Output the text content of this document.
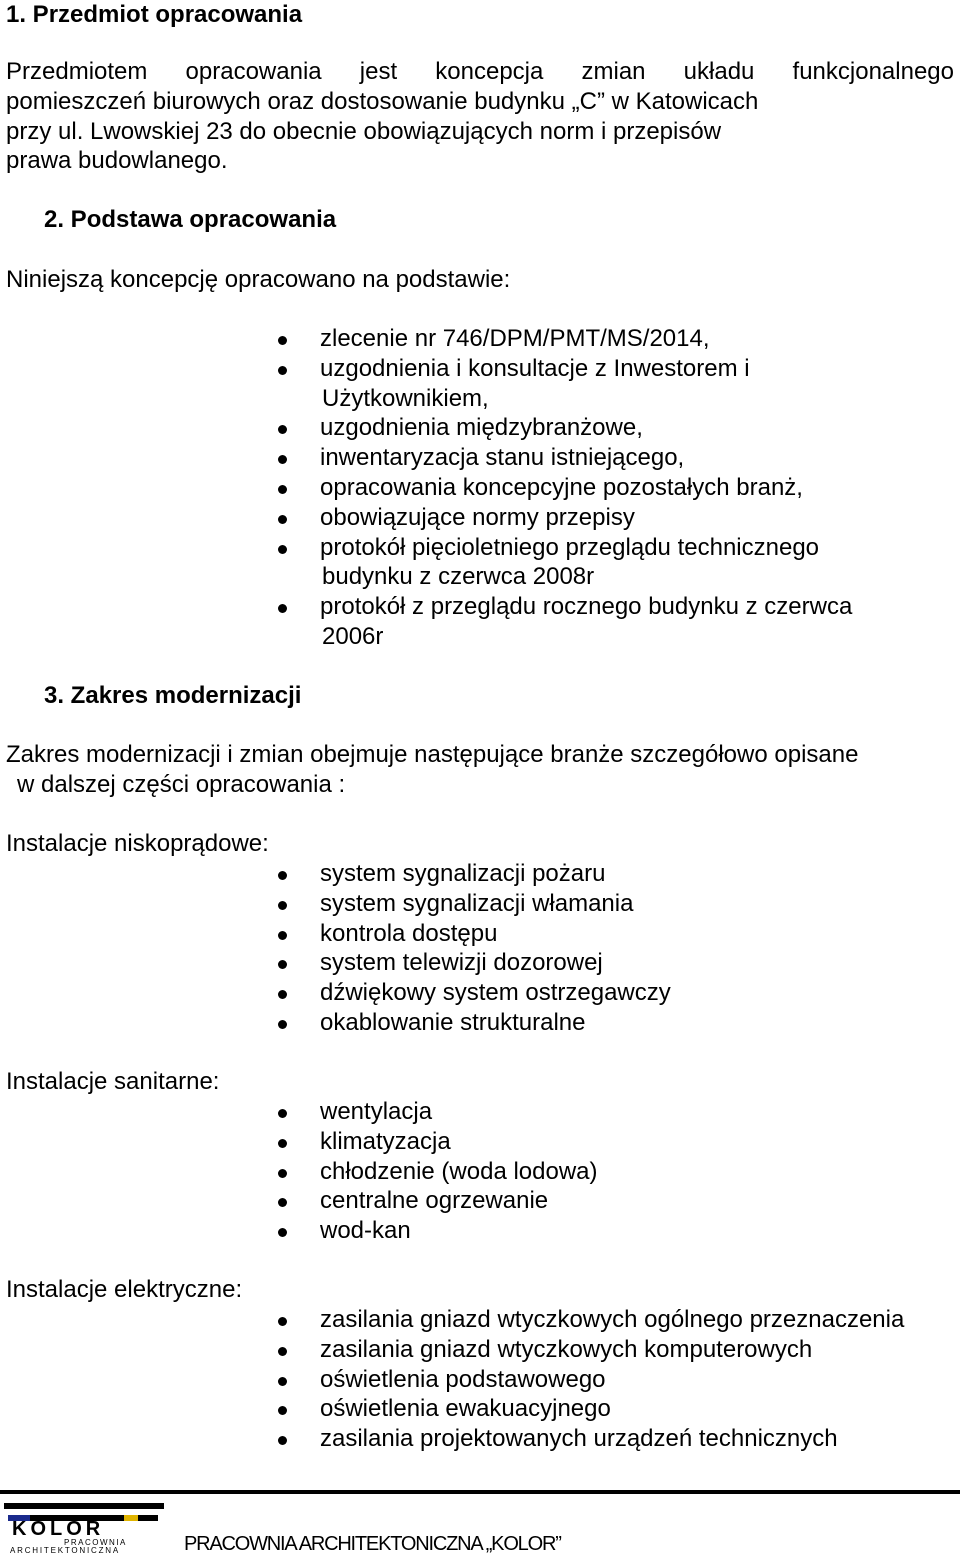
1. Przedmiot opracowania
Przedmiotem opracowania jest koncepcja zmian układu funkcjonalnego
pomieszczeń biurowych oraz dostosowanie budynku „C” w Katowicach
przy ul. Lwowskiej 23 do obecnie obowiązujących norm i przepisów
prawa budowlanego.
2. Podstawa opracowania
Niniejszą koncepcję opracowano na podstawie:
zlecenie nr 746/DPM/PMT/MS/2014,
uzgodnienia i konsultacje z Inwestorem i
Użytkownikiem,
uzgodnienia międzybranżowe,
inwentaryzacja stanu istniejącego,
opracowania koncepcyjne pozostałych branż,
obowiązujące normy przepisy
protokół pięcioletniego przeglądu technicznego
budynku z czerwca 2008r
protokół z przeglądu rocznego budynku z czerwca
2006r
3. Zakres modernizacji
Zakres modernizacji i zmian obejmuje następujące branże szczegółowo opisane
w dalszej części opracowania :
Instalacje niskoprądowe:
system sygnalizacji pożaru
system sygnalizacji włamania
kontrola dostępu
system telewizji dozorowej
dźwiękowy system ostrzegawczy
okablowanie strukturalne
Instalacje sanitarne:
wentylacja
klimatyzacja
chłodzenie (woda lodowa)
centralne ogrzewanie
wod-kan
Instalacje elektryczne:
zasilania gniazd wtyczkowych ogólnego przeznaczenia
zasilania gniazd wtyczkowych komputerowych
oświetlenia podstawowego
oświetlenia ewakuacyjnego
zasilania projektowanych urządzeń technicznych
KOLOR
PRACOWNIA
ARCHITEKTONICZNA	PRACOWNIA ARCHITEKTONICZNA „KOLOR”
